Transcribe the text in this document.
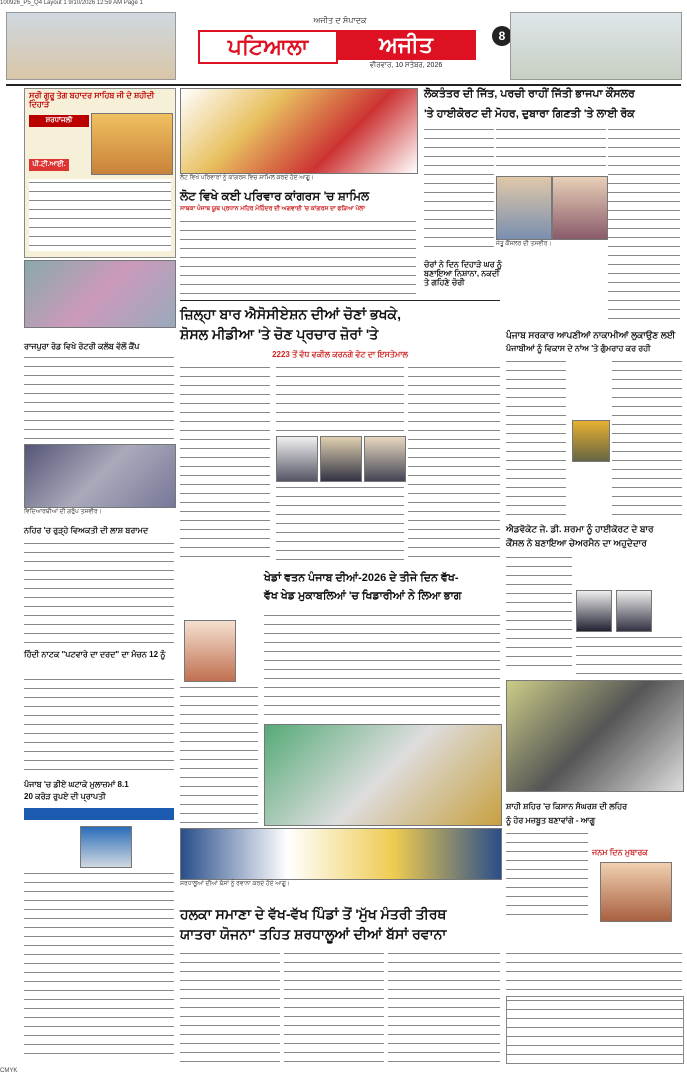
100926_P5_Q4 Layout 1 9/10/2026 12:59 AM Page 1
ਅਜੀਤ ਦ ਸੰਪਾਦਕ
ਪਟਿਆਲਾ	ਅਜੀਤ
ਵੀਰਵਾਰ, 10 ਸਤੰਬਰ, 2026
8
ਸ੍ਰੀ ਗੁਰੂ ਤੇਗ ਬਹਾਦਰ ਸਾਹਿਬ ਜੀ ਦੇ ਸ਼ਹੀਦੀ ਦਿਹਾੜੇ
ਸ਼ਰਧਾਂਜਲੀ
ਪੀ.ਟੀ.ਆਈ.
ਰਾਜਪੁਰਾ ਰੋਡ ਵਿਖੇ ਰੋਟਰੀ ਕਲੱਬ ਵੱਲੋਂ ਕੈਂਪ
ਵਿਦਿਆਰਥੀਆਂ ਦੀ ਗਰੁੱਪ ਤਸਵੀਰ।
ਨਹਿਰ 'ਚ ਰੁੜ੍ਹੇ ਵਿਅਕਤੀ ਦੀ ਲਾਸ਼ ਬਰਾਮਦ
ਹਿੰਦੀ ਨਾਟਕ "ਪਟਵਾਰੇ ਦਾ ਦਰਦ" ਦਾ ਮੰਚਨ 12 ਨੂੰ
ਪੰਜਾਬ 'ਚ ਡੀਏ ਘਟਾਕੇ ਮੁਲਾਜ਼ਮਾਂ 8.1
20 ਕਰੋੜ ਰੁਪਏ ਦੀ ਪ੍ਰਾਪਤੀ

ਲੋਟ ਵਿਖੇ ਪਰਿਵਾਰਾਂ ਨੂੰ ਕਾਂਗਰਸ ਵਿਚ ਸ਼ਾਮਿਲ ਕਰਦੇ ਹੋਏ ਆਗੂ।
ਲੋਟ ਵਿਖੇ ਕਈ ਪਰਿਵਾਰ ਕਾਂਗਰਸ 'ਚ ਸ਼ਾਮਿਲ
ਸਾਬਕਾ ਪੰਜਾਬ ਯੂਥ ਪ੍ਰਧਾਨ ਮਹਿਰ ਮੋਹਿੰਦਰ ਦੀ ਅਗਵਾਈ 'ਚ ਕਾਂਗਰਸ ਦਾ ਫੜਿਆ ਪੱਲਾ
ਲੋਕਤੰਤਰ ਦੀ ਜਿੱਤ, ਪਰਚੀ ਰਾਹੀਂ ਜਿੱਤੀ ਭਾਜਪਾ ਕੌਂਸਲਰ
'ਤੇ ਹਾਈਕੋਰਟ ਦੀ ਮੋਹਰ, ਦੁਬਾਰਾ ਗਿਣਤੀ 'ਤੇ ਲਾਈ ਰੋਕ
ਜੇਤੂ ਕੌਂਸਲਰ ਦੀ ਤਸਵੀਰ।
ਜ਼ਿਲ੍ਹਾ ਬਾਰ ਐਸੋਸੀਏਸ਼ਨ ਦੀਆਂ ਚੋਣਾਂ ਭਖਕੇ,
ਸ਼ੋਸਲ ਮੀਡੀਆ 'ਤੇ ਚੋਣ ਪ੍ਰਚਾਰ ਜ਼ੋਰਾਂ 'ਤੇ
2223 ਤੋਂ ਵੱਧ ਵਕੀਲ ਕਰਨਗੇ ਵੋਟ ਦਾ ਇਸਤੇਮਾਲ
ਚੋਰਾਂ ਨੇ ਦਿਨ ਦਿਹਾੜੇ ਘਰ ਨੂੰ ਬਣਾਇਆ ਨਿਸ਼ਾਨਾ, ਨਕਦੀ ਤੇ ਗਹਿਣੇ ਚੋਰੀ
ਪੰਜਾਬ ਸਰਕਾਰ ਆਪਣੀਆਂ ਨਾਕਾਮੀਆਂ ਲੁਕਾਉਣ ਲਈ
ਪੰਜਾਬੀਆਂ ਨੂੰ ਵਿਕਾਸ ਦੇ ਨਾਂਅ 'ਤੇ ਗੁੰਮਰਾਹ ਕਰ ਰਹੀ
ਐਡਵੋਕੇਟ ਜੇ. ਡੀ. ਸ਼ਰਮਾ ਨੂੰ ਹਾਈਕੋਰਟ ਦੇ ਬਾਰ
ਕੌਂਸਲ ਨੇ ਬਣਾਇਆ ਚੇਅਰਮੈਨ ਦਾ ਅਹੁਦੇਦਾਰ

ਖੇਡਾਂ ਵਤਨ ਪੰਜਾਬ ਦੀਆਂ-2026 ਦੇ ਤੀਜੇ ਦਿਨ ਵੱਖ-
ਵੱਖ ਖੇਡ ਮੁਕਾਬਲਿਆਂ 'ਚ ਖਿਡਾਰੀਆਂ ਨੇ ਲਿਆ ਭਾਗ
ਸ਼ਾਹੀ ਸ਼ਹਿਰ 'ਚ ਕਿਸਾਨ ਸੰਘਰਸ਼ ਦੀ ਲਹਿਰ
ਨੂੰ ਹੋਰ ਮਜ਼ਬੂਤ ਬਣਾਵਾਂਗੇ - ਆਗੂ
ਜਨਮ ਦਿਨ ਮੁਬਾਰਕ
ਸ਼ਰਧਾਲੂਆਂ ਦੀਆਂ ਬੱਸਾਂ ਨੂੰ ਰਵਾਨਾ ਕਰਦੇ ਹੋਏ ਆਗੂ।
ਹਲਕਾ ਸਮਾਣਾ ਦੇ ਵੱਖ-ਵੱਖ ਪਿੰਡਾਂ ਤੋਂ 'ਮੁੱਖ ਮੰਤਰੀ ਤੀਰਥ
ਯਾਤਰਾ ਯੋਜਨਾ' ਤਹਿਤ ਸ਼ਰਧਾਲੂਆਂ ਦੀਆਂ ਬੱਸਾਂ ਰਵਾਨਾ
CMYK
